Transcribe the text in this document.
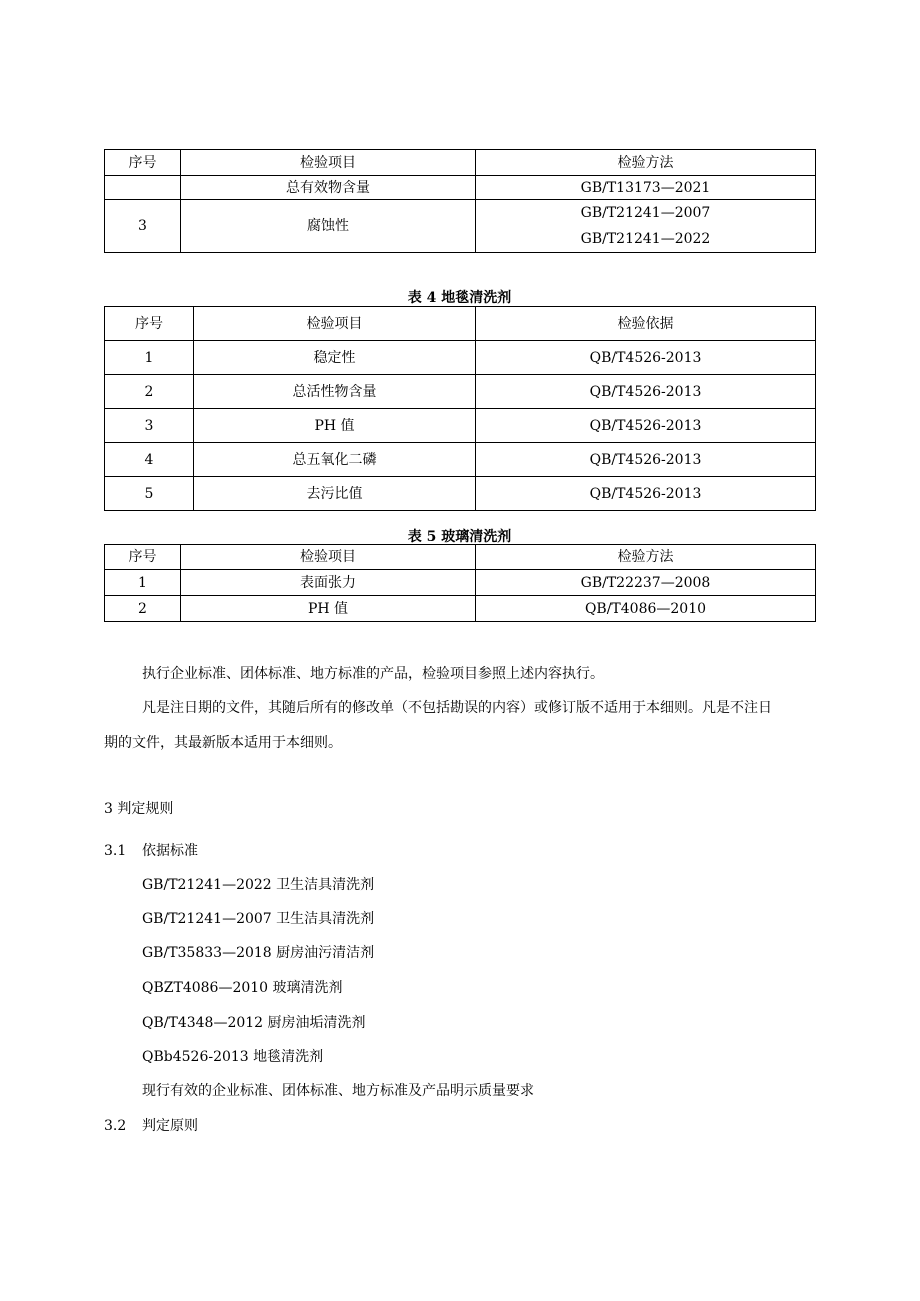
序号	检验项目	检验方法
	总有效物含量	GB/T13173—2021
3	腐蚀性	GB/T21241—2007
GB/T21241—2022
表 4 地毯清洗剂
序号	检验项目	检验依据
1	稳定性	QB/T4526-2013
2	总活性物含量	QB/T4526-2013
3	PH 值	QB/T4526-2013
4	总五氧化二磷	QB/T4526-2013
5	去污比值	QB/T4526-2013
表 5 玻璃清洗剂
序号	检验项目	检验方法
1	表面张力	GB/T22237—2008
2	PH 值	QB/T4086—2010
执行企业标准、团体标准、地方标准的产品，检验项目参照上述内容执行。
凡是注日期的文件，其随后所有的修改单（不包括勘误的内容）或修订版不适用于本细则。凡是不注日
期的文件，其最新版本适用于本细则。
3 判定规则
3.1 依据标准
GB/T21241—2022 卫生洁具清洗剂
GB/T21241—2007 卫生洁具清洗剂
GB/T35833—2018 厨房油污清洁剂
QBZT4086—2010 玻璃清洗剂
QB/T4348—2012 厨房油垢清洗剂
QBb4526-2013 地毯清洗剂
现行有效的企业标准、团体标准、地方标准及产品明示质量要求
3.2 判定原则
